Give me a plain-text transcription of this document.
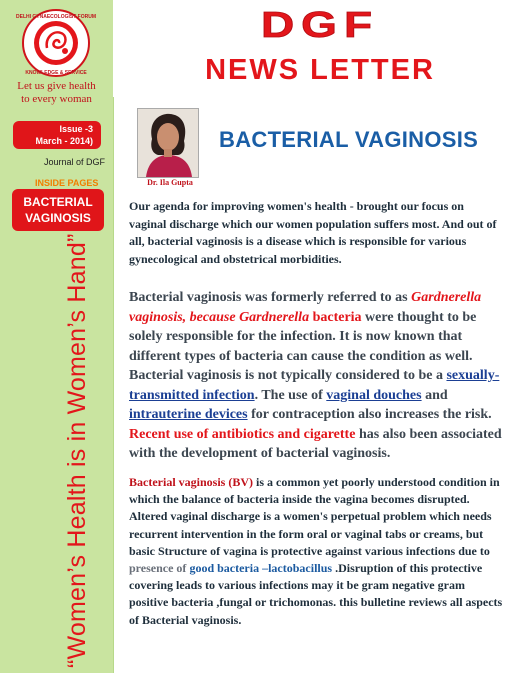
DELHI GYNAECOLOGIST FORUM
KNOWLEDGE & SERVICE
Let us give health
to every woman
DGF
NEWS LETTER
Issue -3
March - 2014)
Journal of DGF
INSIDE PAGES
BACTERIAL
VAGINOSIS
“Women’s Health is in Women’s Hand”
Dr. Ila Gupta
BACTERIAL VAGINOSIS
Our agenda for improving women's health - brought our focus on vaginal discharge which our women population suffers most. And out of all, bacterial vaginosis is a disease which is responsible for various gynecological and obstetrical morbidities.
Bacterial vaginosis was formerly referred to as Gardnerella vaginosis, because Gardnerella bacteria were thought to be solely responsible for the infection. It is now known that different types of bacteria can cause the condition as well. Bacterial vaginosis is not typically considered to be a sexually-transmitted infection. The use of vaginal douches and intrauterine devices for contraception also increases the risk. Recent use of antibiotics and cigarette has also been associated with the development of bacterial vaginosis.
Bacterial vaginosis (BV) is a common yet poorly understood condition in which the balance of bacteria inside the vagina becomes disrupted. Altered vaginal discharge is a women's perpetual problem which needs recurrent intervention in the form oral or vaginal tabs or creams, but basic Structure of vagina is protective against various infections due to presence of good bacteria –lactobacillus .Disruption of this protective covering leads to various infections may it be gram negative gram positive bacteria ,fungal or trichomonas. this bulletine reviews all aspects of Bacterial vaginosis.
